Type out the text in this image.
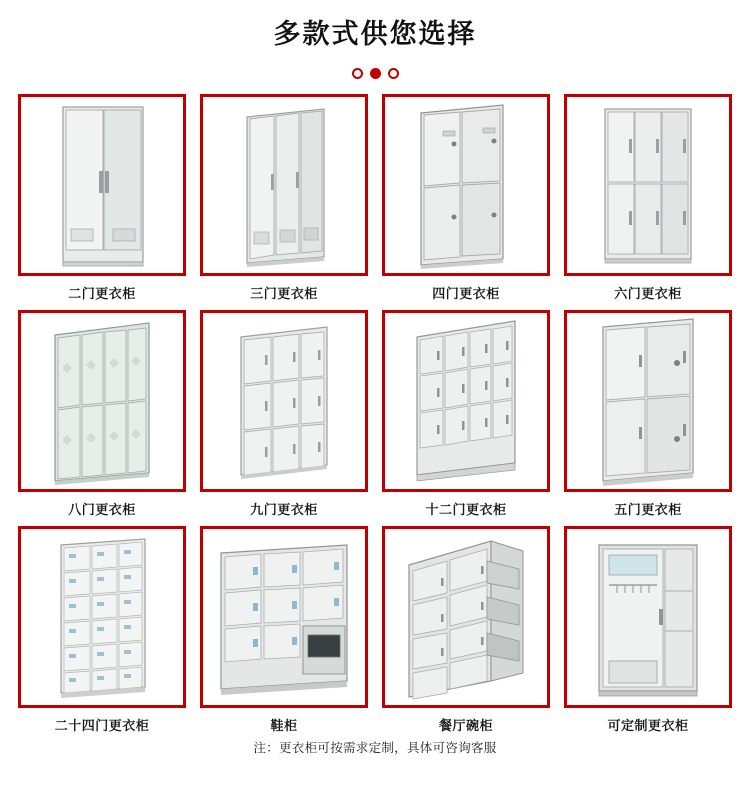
多款式供您选择
二门更衣柜	三门更衣柜	四门更衣柜	六门更衣柜
八门更衣柜	九门更衣柜	十二门更衣柜	五门更衣柜
二十四门更衣柜	鞋柜	餐厅碗柜	可定制更衣柜
注：更衣柜可按需求定制，具体可咨询客服
